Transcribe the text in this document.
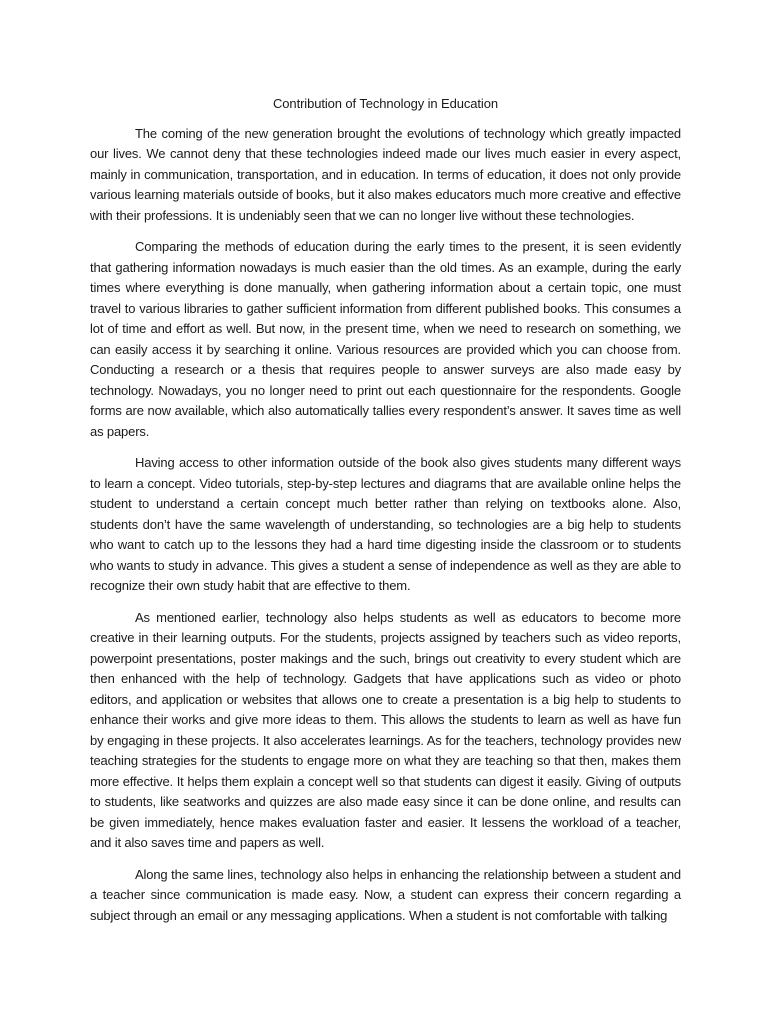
Contribution of Technology in Education

The coming of the new generation brought the evolutions of technology which greatly impacted our lives. We cannot deny that these technologies indeed made our lives much easier in every aspect, mainly in communication, transportation, and in education. In terms of education, it does not only provide various learning materials outside of books, but it also makes educators much more creative and effective with their professions. It is undeniably seen that we can no longer live without these technologies.

Comparing the methods of education during the early times to the present, it is seen evidently that gathering information nowadays is much easier than the old times. As an example, during the early times where everything is done manually, when gathering information about a certain topic, one must travel to various libraries to gather sufficient information from different published books. This consumes a lot of time and effort as well. But now, in the present time, when we need to research on something, we can easily access it by searching it online. Various resources are provided which you can choose from. Conducting a research or a thesis that requires people to answer surveys are also made easy by technology. Nowadays, you no longer need to print out each questionnaire for the respondents. Google forms are now available, which also automatically tallies every respondent’s answer. It saves time as well as papers.

Having access to other information outside of the book also gives students many different ways to learn a concept. Video tutorials, step-by-step lectures and diagrams that are available online helps the student to understand a certain concept much better rather than relying on textbooks alone. Also, students don’t have the same wavelength of understanding, so technologies are a big help to students who want to catch up to the lessons they had a hard time digesting inside the classroom or to students who wants to study in advance. This gives a student a sense of independence as well as they are able to recognize their own study habit that are effective to them.

As mentioned earlier, technology also helps students as well as educators to become more creative in their learning outputs. For the students, projects assigned by teachers such as video reports, powerpoint presentations, poster makings and the such, brings out creativity to every student which are then enhanced with the help of technology. Gadgets that have applications such as video or photo editors, and application or websites that allows one to create a presentation is a big help to students to enhance their works and give more ideas to them. This allows the students to learn as well as have fun by engaging in these projects. It also accelerates learnings. As for the teachers, technology provides new teaching strategies for the students to engage more on what they are teaching so that then, makes them more effective. It helps them explain a concept well so that students can digest it easily. Giving of outputs to students, like seatworks and quizzes are also made easy since it can be done online, and results can be given immediately, hence makes evaluation faster and easier. It lessens the workload of a teacher, and it also saves time and papers as well.

Along the same lines, technology also helps in enhancing the relationship between a student and a teacher since communication is made easy. Now, a student can express their concern regarding a subject through an email or any messaging applications. When a student is not comfortable with talking
